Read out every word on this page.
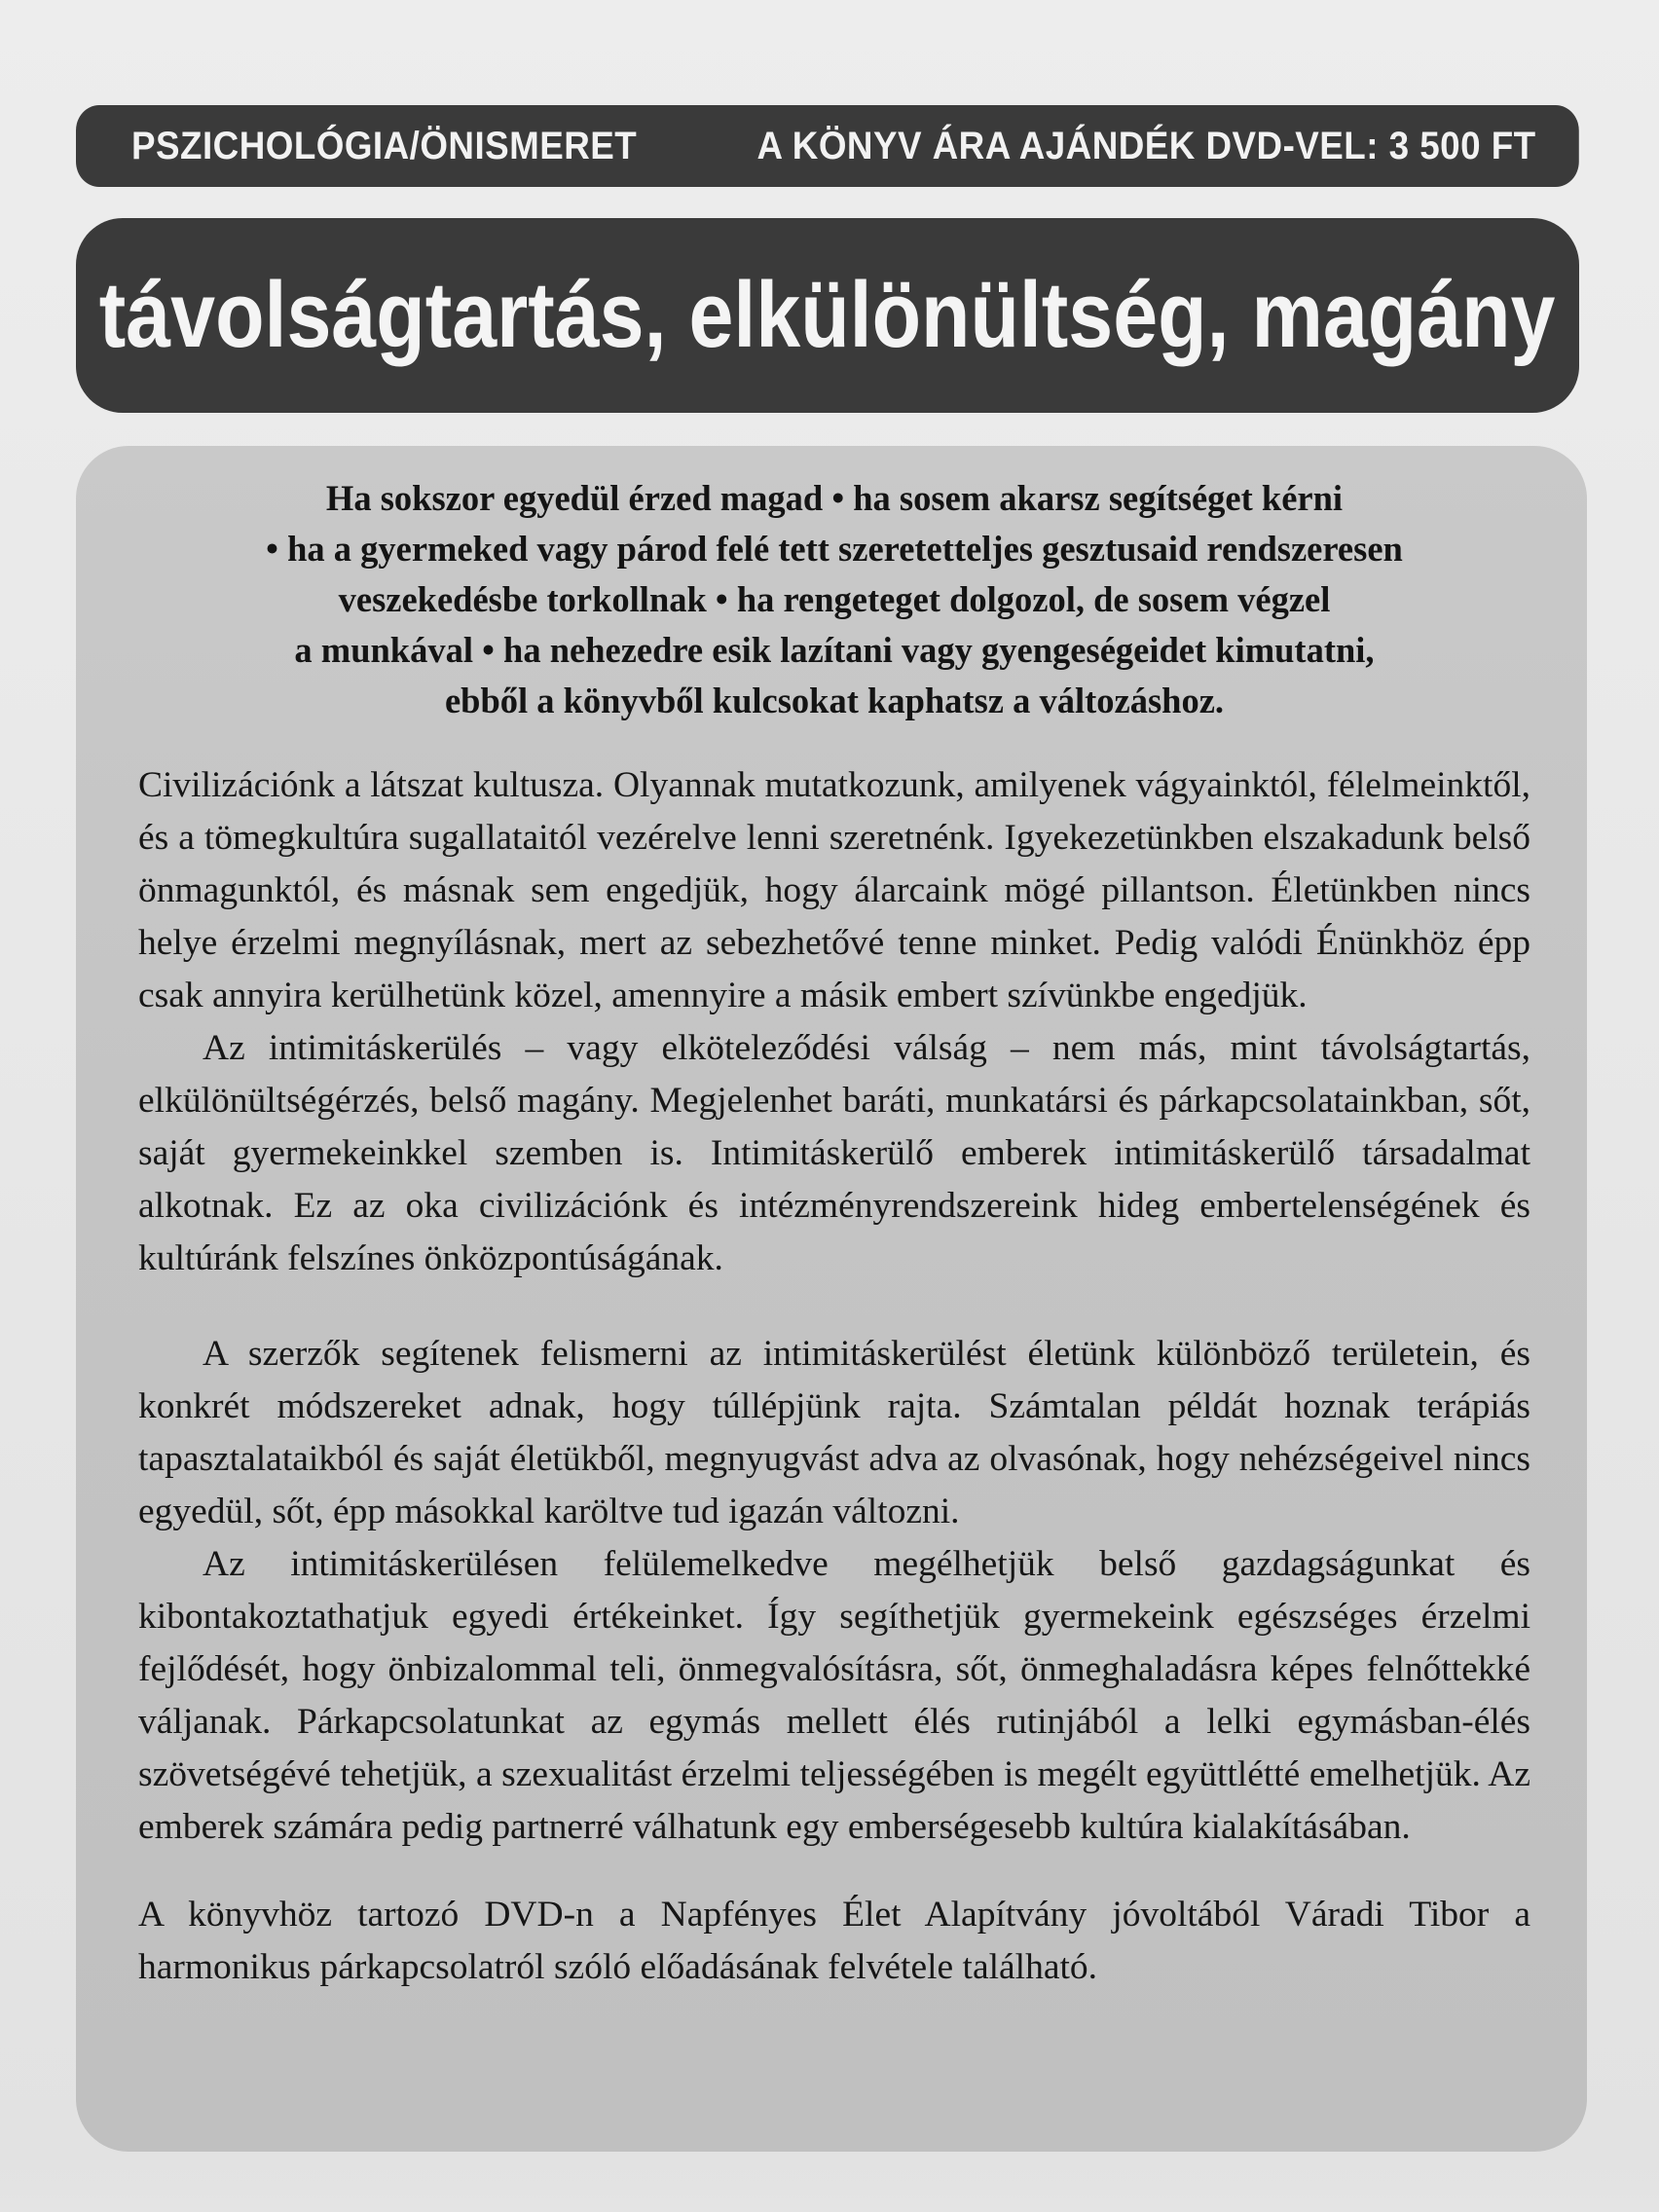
PSZICHOLÓGIA/ÖNISMERET	A KÖNYV ÁRA AJÁNDÉK DVD-VEL: 3 500 FT
távolságtartás, elkülönültség, magány

Ha sokszor egyedül érzed magad • ha sosem akarsz segítséget kérni
• ha a gyermeked vagy párod felé tett szeretetteljes gesztusaid rendszeresen
veszekedésbe torkollnak • ha rengeteget dolgozol, de sosem végzel
a munkával • ha nehezedre esik lazítani vagy gyengeségeidet kimutatni,
ebből a könyvből kulcsokat kaphatsz a változáshoz.

Civilizációnk a látszat kultusza. Olyannak mutatkozunk, amilyenek vágyainktól, félelmeinktől, és a tömegkultúra sugallataitól vezérelve lenni szeretnénk. Igyekezetünkben elszakadunk belső önmagunktól, és másnak sem engedjük, hogy álarcaink mögé pillantson. Életünkben nincs helye érzelmi megnyílásnak, mert az sebezhetővé tenne minket. Pedig valódi Énünkhöz épp csak annyira kerülhetünk közel, amennyire a másik embert szívünkbe engedjük.

Az intimitáskerülés – vagy elköteleződési válság – nem más, mint távolságtartás, elkülönültségérzés, belső magány. Megjelenhet baráti, munkatársi és párkapcsolatainkban, sőt, saját gyermekeinkkel szemben is. Intimitáskerülő emberek intimitáskerülő társadalmat alkotnak. Ez az oka civilizációnk és intézményrendszereink hideg embertelenségének és kultúránk felszínes önközpontúságának.

A szerzők segítenek felismerni az intimitáskerülést életünk különböző területein, és konkrét módszereket adnak, hogy túllépjünk rajta. Számtalan példát hoznak terápiás tapasztalataikból és saját életükből, megnyugvást adva az olvasónak, hogy nehézségeivel nincs egyedül, sőt, épp másokkal karöltve tud igazán változni.

Az intimitáskerülésen felülemelkedve megélhetjük belső gazdagságunkat és kibontakoztathatjuk egyedi értékeinket. Így segíthetjük gyermekeink egészséges érzelmi fejlődését, hogy önbizalommal teli, önmegvalósításra, sőt, önmeghaladásra képes felnőttekké váljanak. Párkapcsolatunkat az egymás mellett élés rutinjából a lelki egymásban-élés szövetségévé tehetjük, a szexualitást érzelmi teljességében is megélt együttlétté emelhetjük. Az emberek számára pedig partnerré válhatunk egy emberségesebb kultúra kialakításában.

A könyvhöz tartozó DVD-n a Napfényes Élet Alapítvány jóvoltából Váradi Tibor a harmonikus párkapcsolatról szóló előadásának felvétele található.
